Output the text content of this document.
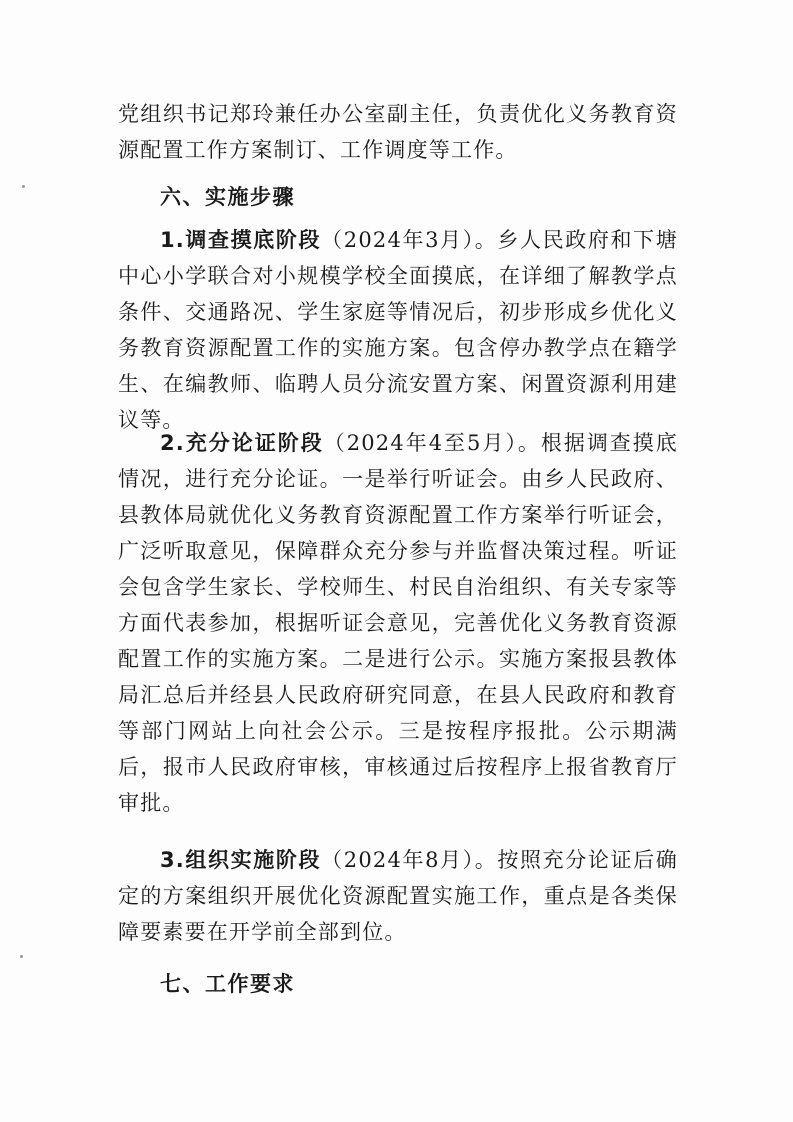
党组织书记郑玲兼任办公室副主任，负责优化义务教育资源配置工作方案制订、工作调度等工作。

六、实施步骤

1.调查摸底阶段（2024年3月）。乡人民政府和下塘中心小学联合对小规模学校全面摸底，在详细了解教学点条件、交通路况、学生家庭等情况后，初步形成乡优化义务教育资源配置工作的实施方案。包含停办教学点在籍学生、在编教师、临聘人员分流安置方案、闲置资源利用建议等。

2.充分论证阶段（2024年4至5月）。根据调查摸底情况，进行充分论证。一是举行听证会。由乡人民政府、县教体局就优化义务教育资源配置工作方案举行听证会，广泛听取意见，保障群众充分参与并监督决策过程。听证会包含学生家长、学校师生、村民自治组织、有关专家等方面代表参加，根据听证会意见，完善优化义务教育资源配置工作的实施方案。二是进行公示。实施方案报县教体局汇总后并经县人民政府研究同意，在县人民政府和教育等部门网站上向社会公示。三是按程序报批。公示期满后，报市人民政府审核，审核通过后按程序上报省教育厅审批。

3.组织实施阶段（2024年8月）。按照充分论证后确定的方案组织开展优化资源配置实施工作，重点是各类保障要素要在开学前全部到位。

七、工作要求
